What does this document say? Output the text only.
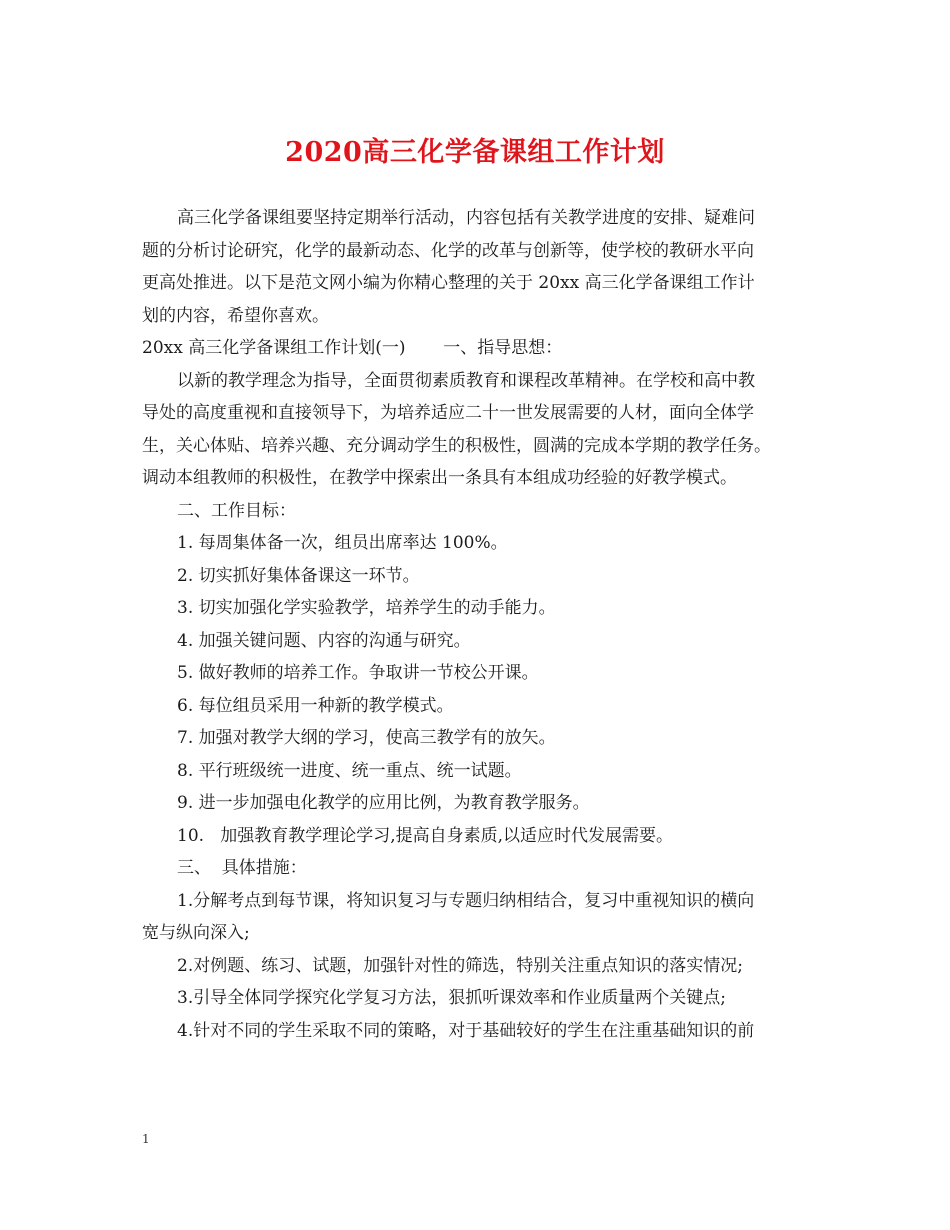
2020高三化学备课组工作计划

高三化学备课组要坚持定期举行活动，内容包括有关教学进度的安排、疑难问

题的分析讨论研究，化学的最新动态、化学的改革与创新等，使学校的教研水平向

更高处推进。以下是范文网小编为你精心整理的关于 20xx 高三化学备课组工作计

划的内容，希望你喜欢。

20xx 高三化学备课组工作计划(一)       一、指导思想：

以新的教学理念为指导，全面贯彻素质教育和课程改革精神。在学校和高中教

导处的高度重视和直接领导下，为培养适应二十一世发展需要的人材，面向全体学

生，关心体贴、培养兴趣、充分调动学生的积极性，圆满的完成本学期的教学任务。

调动本组教师的积极性，在教学中探索出一条具有本组成功经验的好教学模式。

二、工作目标：

1. 每周集体备一次，组员出席率达 100%。

2. 切实抓好集体备课这一环节。

3. 切实加强化学实验教学，培养学生的动手能力。

4. 加强关键问题、内容的沟通与研究。

5. 做好教师的培养工作。争取讲一节校公开课。

6. 每位组员采用一种新的教学模式。

7. 加强对教学大纲的学习，使高三教学有的放矢。

8. 平行班级统一进度、统一重点、统一试题。

9. 进一步加强电化教学的应用比例，为教育教学服务。

10.   加强教育教学理论学习,提高自身素质,以适应时代发展需要。

三、  具体措施：

1.分解考点到每节课，将知识复习与专题归纳相结合，复习中重视知识的横向

宽与纵向深入;

2.对例题、练习、试题，加强针对性的筛选，特别关注重点知识的落实情况;

3.引导全体同学探究化学复习方法，狠抓听课效率和作业质量两个关键点;

4.针对不同的学生采取不同的策略，对于基础较好的学生在注重基础知识的前

1
